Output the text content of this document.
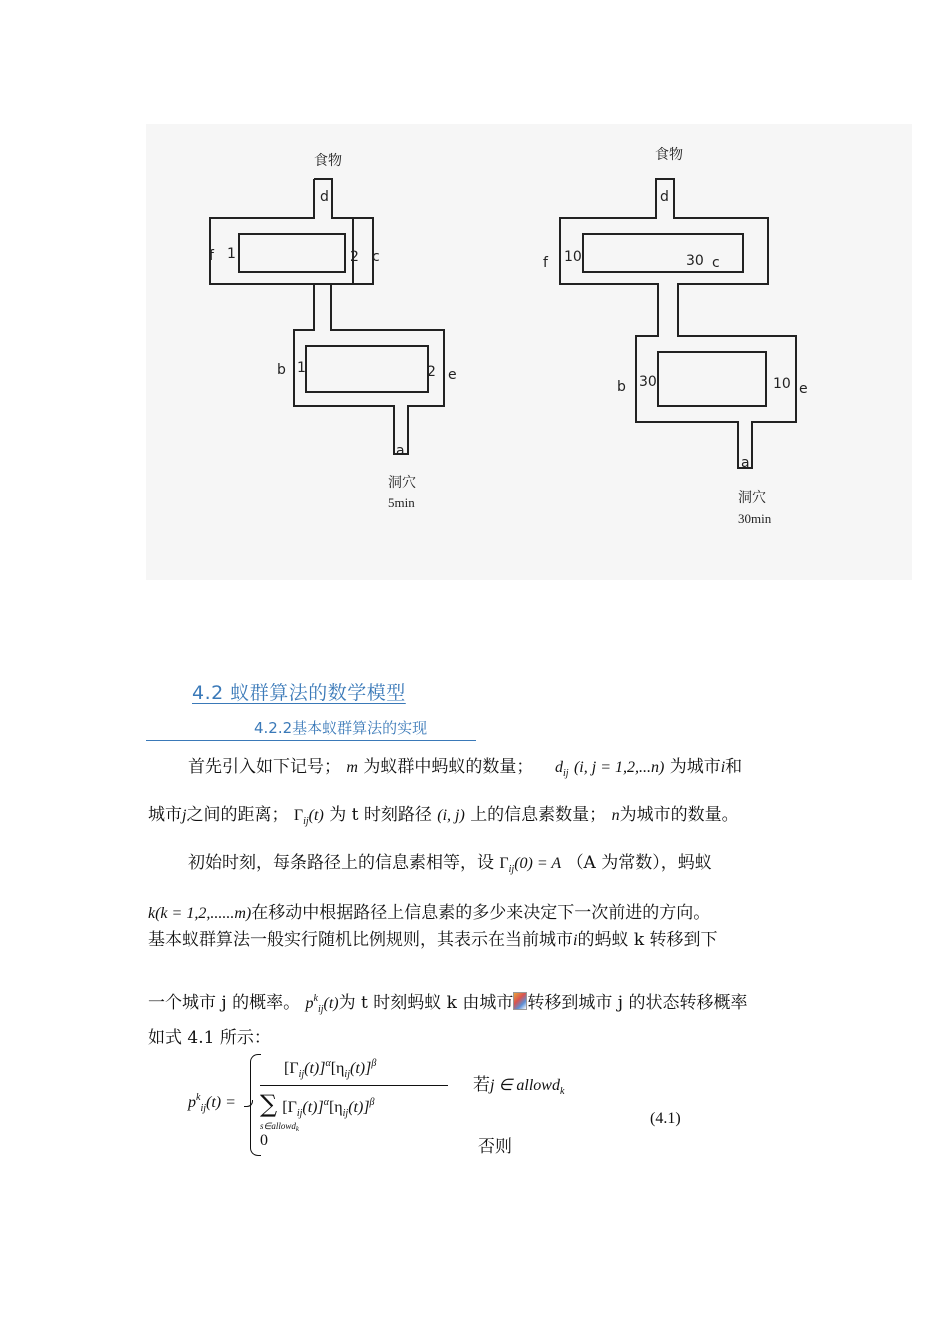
食物
d
f 1	2 c
b 1	2 e
a
洞穴
5min
食物
d
f 10	30 c
b 30	10 e
a
洞穴
30min
4.2 蚁群算法的数学模型
4.2.2基本蚁群算法的实现
首先引入如下记号； m 为蚁群中蚂蚁的数量； $d_{ij}$ (i, j = 1,2,...n) 为城市i和
城市j之间的距离； $\Gamma_{ij}(t)$ 为 t 时刻路径 (i, j) 上的信息素数量； n为城市的数量。
初始时刻，每条路径上的信息素相等，设 $\Gamma_{ij}(0) = A$ （A 为常数），蚂蚁
k(k = 1,2,......m)在移动中根据路径上信息素的多少来决定下一次前进的方向。
基本蚁群算法一般实行随机比例规则，其表示在当前城市i的蚂蚁 k 转移到下
一个城市 j 的概率。 $p^k_{ij}(t)$为 t 时刻蚂蚁 k 由城市 转移到城市 j 的状态转移概率
如式 4.1 所示：
$p^k_{ij}(t)$ =
$[\Gamma_{ij}(t)]^\alpha[\eta_{ij}(t)]^\beta$
∑ $[\Gamma_{ij}(t)]^\alpha[\eta_{ij}(t)]^\beta$
s∈allowdk
若j ∈ allowd$_k$
0	否则
(4.1)
